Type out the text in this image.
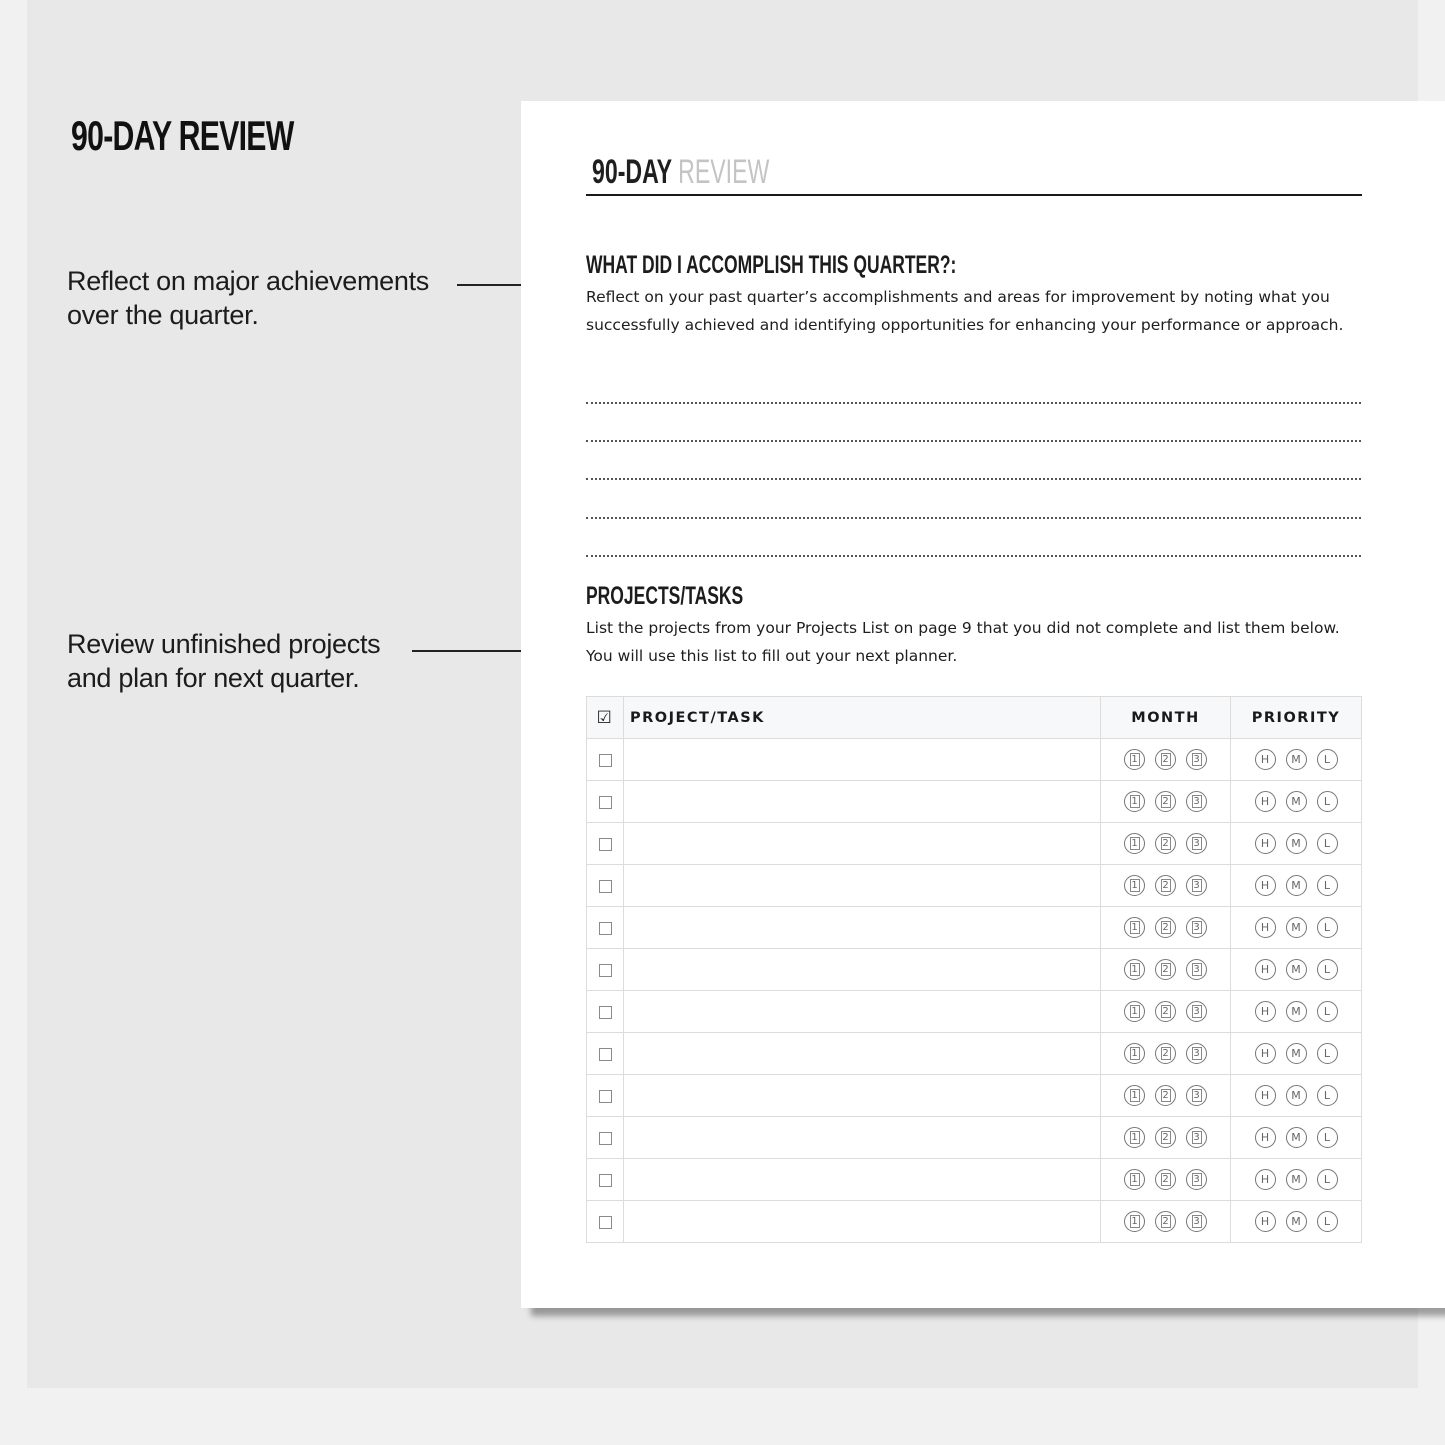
90-DAY REVIEW
Reflect on major achievements
over the quarter.
Review unfinished projects
and plan for next quarter.
90-DAY REVIEW
WHAT DID I ACCOMPLISH THIS QUARTER?:
Reflect on your past quarter’s accomplishments and areas for improvement by noting what you successfully achieved and identifying opportunities for enhancing your performance or approach.
PROJECTS/TASKS
List the projects from your Projects List on page 9 that you did not complete and list them below. You will use this list to fill out your next planner.
☑	PROJECT/TASK	MONTH	PRIORITY
		1 2 3	H M L
		1 2 3	H M L
		1 2 3	H M L
		1 2 3	H M L
		1 2 3	H M L
		1 2 3	H M L
		1 2 3	H M L
		1 2 3	H M L
		1 2 3	H M L
		1 2 3	H M L
		1 2 3	H M L
		1 2 3	H M L
